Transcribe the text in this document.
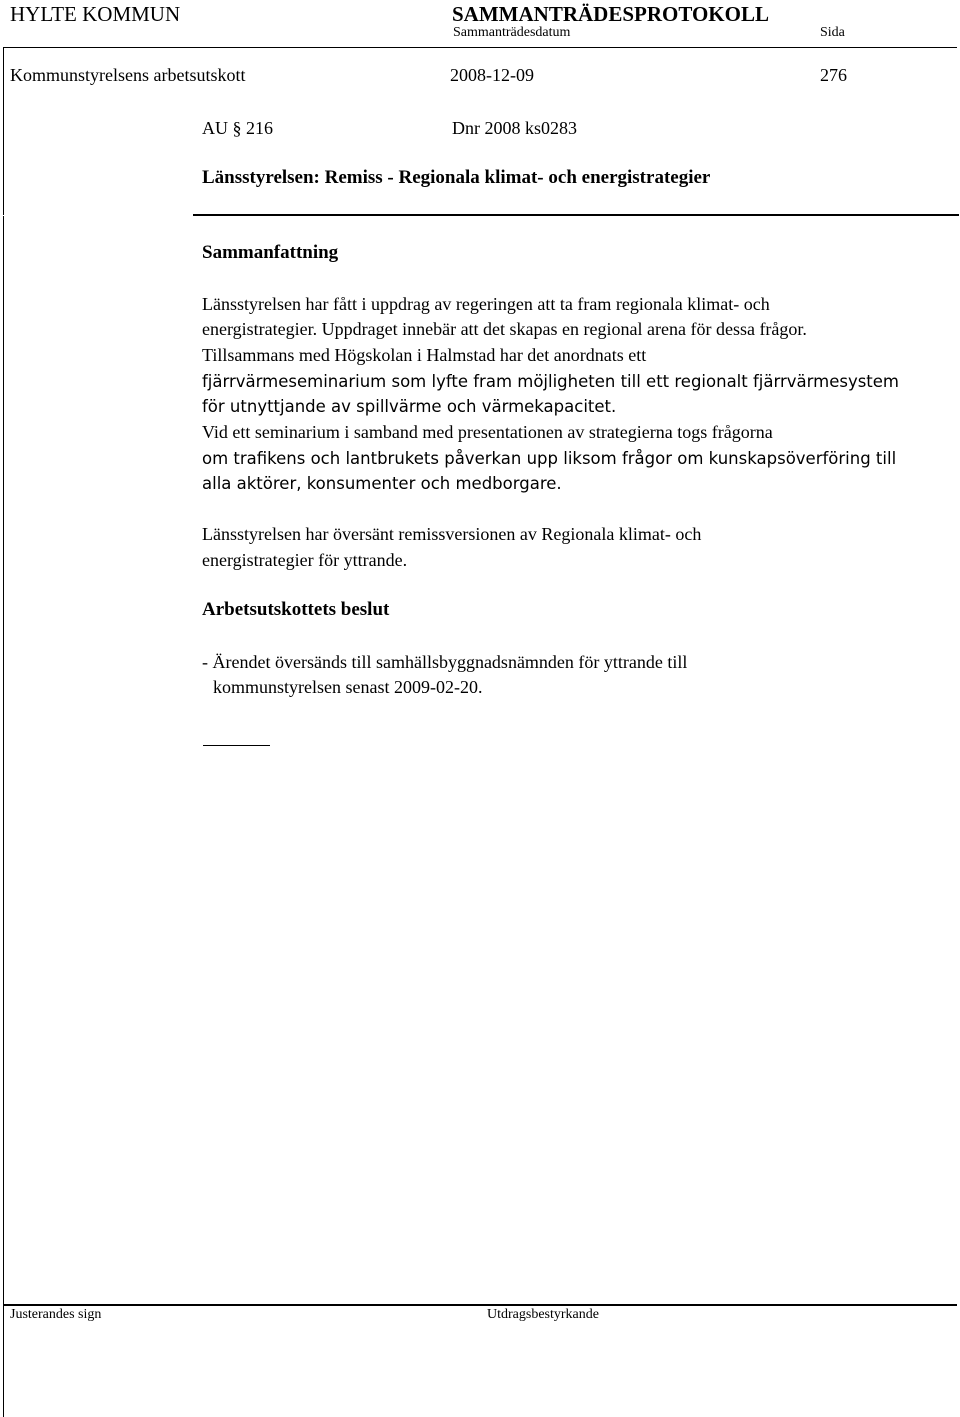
HYLTE KOMMUN	SAMMANTRÄDESPROTOKOLL
Sammanträdesdatum	Sida
Kommunstyrelsens arbetsutskott	2008-12-09	276
AU § 216	Dnr 2008 ks0283
Länsstyrelsen: Remiss - Regionala klimat- och energistrategier
Sammanfattning
Länsstyrelsen har fått i uppdrag av regeringen att ta fram regionala klimat- och
energistrategier. Uppdraget innebär att det skapas en regional arena för dessa frågor.
Tillsammans med Högskolan i Halmstad har det anordnats ett
fjärrvärmeseminarium som lyfte fram möjligheten till ett regionalt fjärrvärmesystem
för utnyttjande av spillvärme och värmekapacitet.
Vid ett seminarium i samband med presentationen av strategierna togs frågorna
om trafikens och lantbrukets påverkan upp liksom frågor om kunskapsöverföring till
alla aktörer, konsumenter och medborgare.
Länsstyrelsen har översänt remissversionen av Regionala klimat- och
energistrategier för yttrande.
Arbetsutskottets beslut
- Ärendet översänds till samhällsbyggnadsnämnden för yttrande till
kommunstyrelsen senast 2009-02-20.
Justerandes sign	Utdragsbestyrkande
